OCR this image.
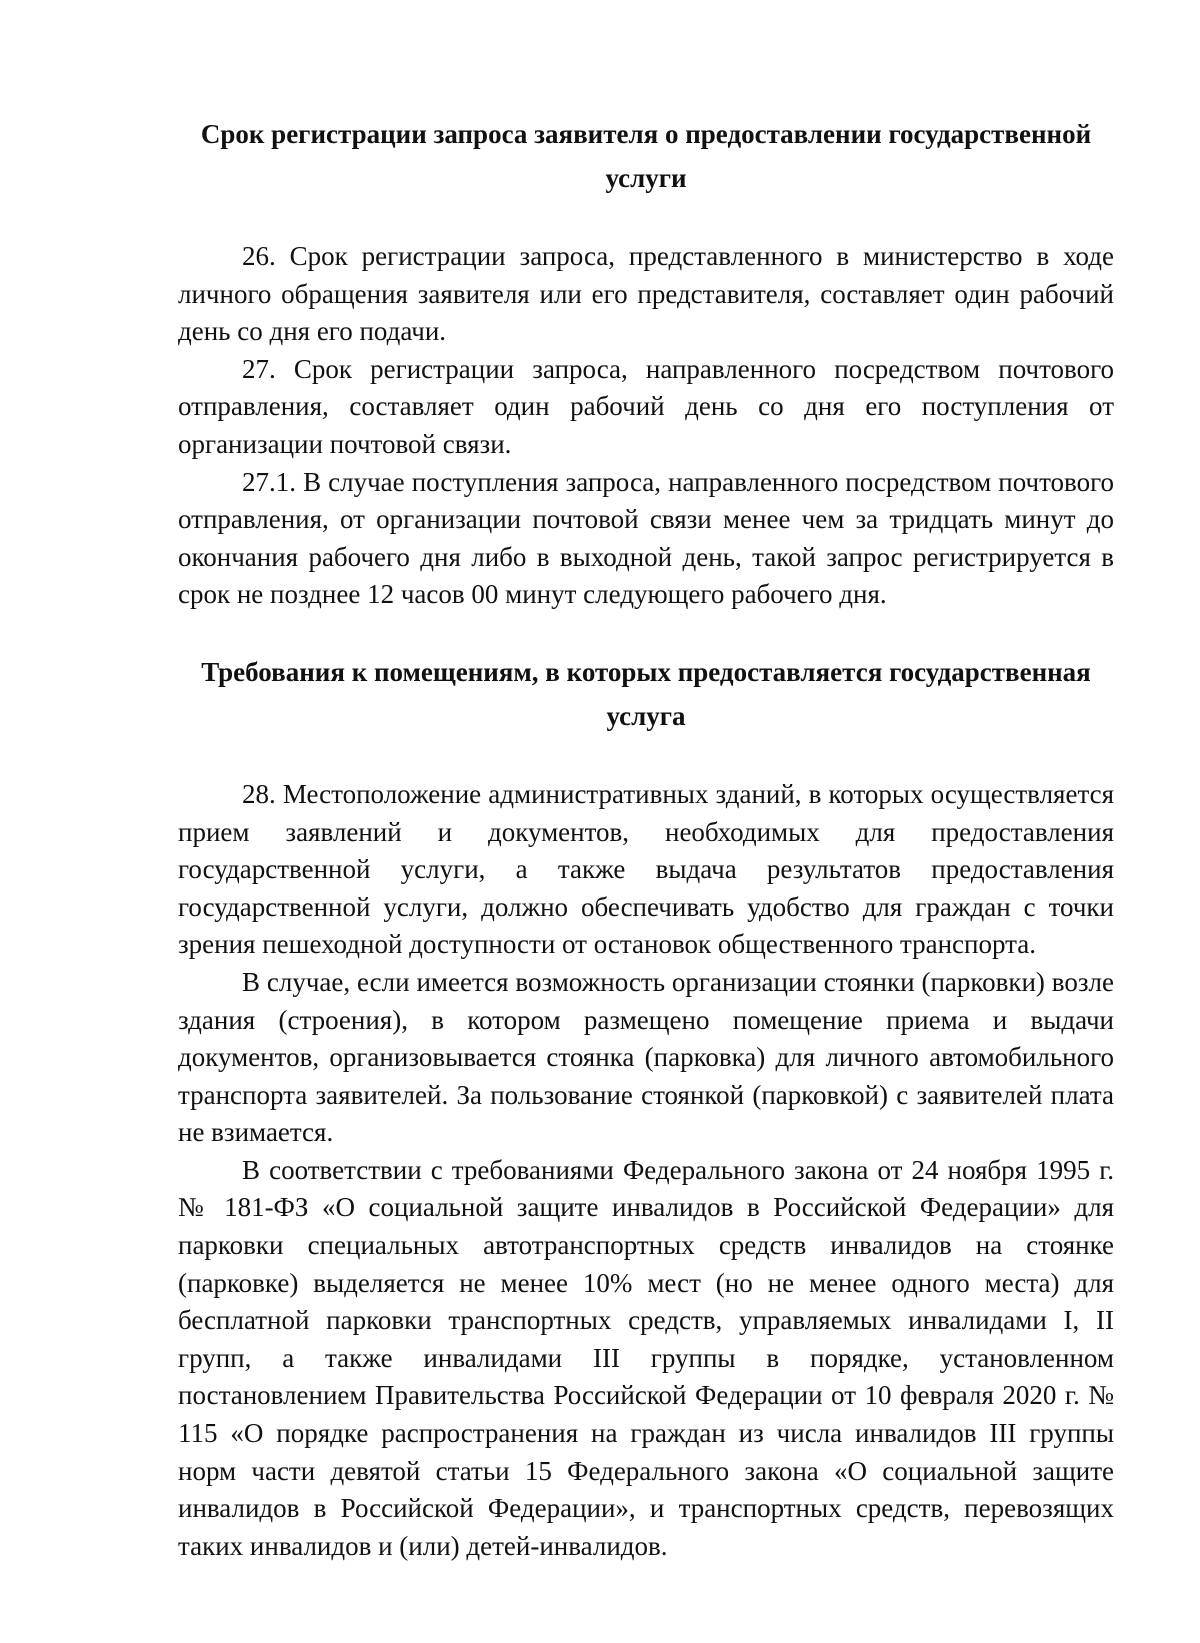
Срок регистрации запроса заявителя о предоставлении государственной услуги

26. Срок регистрации запроса, представленного в министерство в ходе личного обращения заявителя или его представителя, составляет один рабочий день со дня его подачи.

27. Срок регистрации запроса, направленного посредством почтового отправления, составляет один рабочий день со дня его поступления от организации почтовой связи.

27.1. В случае поступления запроса, направленного посредством почтового отправления, от организации почтовой связи менее чем за тридцать минут до окончания рабочего дня либо в выходной день, такой запрос регистрируется в срок не позднее 12 часов 00 минут следующего рабочего дня.

Требования к помещениям, в которых предоставляется государственная услуга

28. Местоположение административных зданий, в которых осуществляется прием заявлений и документов, необходимых для предоставления государственной услуги, а также выдача результатов предоставления государственной услуги, должно обеспечивать удобство для граждан с точки зрения пешеходной доступности от остановок общественного транспорта.

В случае, если имеется возможность организации стоянки (парковки) возле здания (строения), в котором размещено помещение приема и выдачи документов, организовывается стоянка (парковка) для личного автомобильного транспорта заявителей. За пользование стоянкой (парковкой) с заявителей плата не взимается.

В соответствии с требованиями Федерального закона от 24 ноября 1995 г. № 181-ФЗ «О социальной защите инвалидов в Российской Федерации» для парковки специальных автотранспортных средств инвалидов на стоянке (парковке) выделяется не менее 10% мест (но не менее одного места) для бесплатной парковки транспортных средств, управляемых инвалидами I, II групп, а также инвалидами III группы в порядке, установленном постановлением Правительства Российской Федерации от 10 февраля 2020 г. № 115 «О порядке распространения на граждан из числа инвалидов III группы норм части девятой статьи 15 Федерального закона «О социальной защите инвалидов в Российской Федерации», и транспортных средств, перевозящих таких инвалидов и (или) детей-инвалидов.
